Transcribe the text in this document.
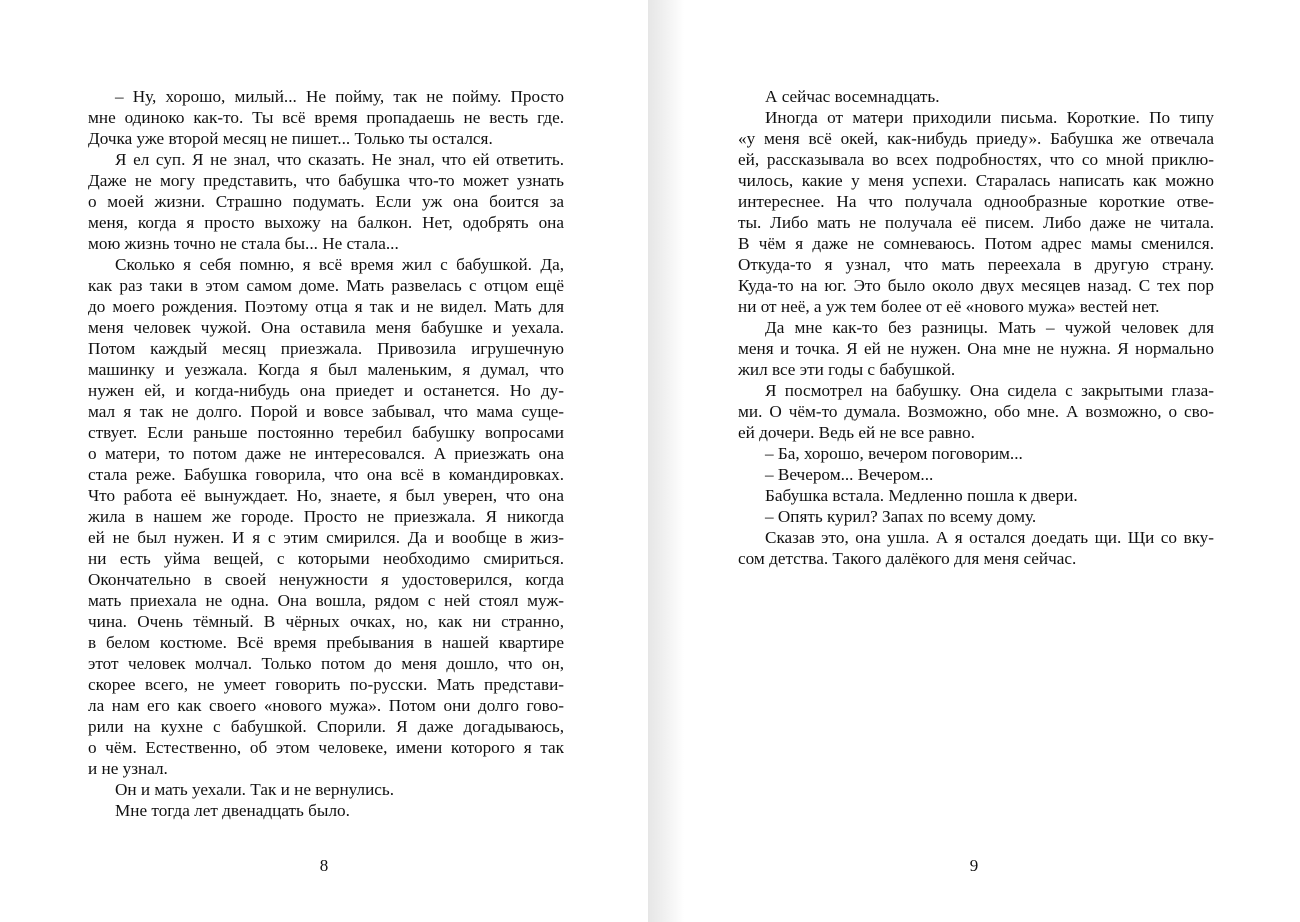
– Ну, хорошо, милый... Не пойму, так не пойму. Просто
мне одиноко как-то. Ты всё время пропадаешь не весть где.
Дочка уже второй месяц не пишет... Только ты остался.
Я ел суп. Я не знал, что сказать. Не знал, что ей ответить.
Даже не могу представить, что бабушка что-то может узнать
о моей жизни. Страшно подумать. Если уж она боится за
меня, когда я просто выхожу на балкон. Нет, одобрять она
мою жизнь точно не стала бы... Не стала...
Сколько я себя помню, я всё время жил с бабушкой. Да,
как раз таки в этом самом доме. Мать развелась с отцом ещё
до моего рождения. Поэтому отца я так и не видел. Мать для
меня человек чужой. Она оставила меня бабушке и уехала.
Потом каждый месяц приезжала. Привозила игрушечную
машинку и уезжала. Когда я был маленьким, я думал, что
нужен ей, и когда-нибудь она приедет и останется. Но ду-
мал я так не долго. Порой и вовсе забывал, что мама суще-
ствует. Если раньше постоянно теребил бабушку вопросами
о матери, то потом даже не интересовался. А приезжать она
стала реже. Бабушка говорила, что она всё в командировках.
Что работа её вынуждает. Но, знаете, я был уверен, что она
жила в нашем же городе. Просто не приезжала. Я никогда
ей не был нужен. И я с этим смирился. Да и вообще в жиз-
ни есть уйма вещей, с которыми необходимо смириться.
Окончательно в своей ненужности я удостоверился, когда
мать приехала не одна. Она вошла, рядом с ней стоял муж-
чина. Очень тёмный. В чёрных очках, но, как ни странно,
в белом костюме. Всё время пребывания в нашей квартире
этот человек молчал. Только потом до меня дошло, что он,
скорее всего, не умеет говорить по-русски. Мать представи-
ла нам его как своего «нового мужа». Потом они долго гово-
рили на кухне с бабушкой. Спорили. Я даже догадываюсь,
о чём. Естественно, об этом человеке, имени которого я так
и не узнал.
Он и мать уехали. Так и не вернулись.
Мне тогда лет двенадцать было.
8
А сейчас восемнадцать.
Иногда от матери приходили письма. Короткие. По типу
«у меня всё окей, как-нибудь приеду». Бабушка же отвечала
ей, рассказывала во всех подробностях, что со мной приклю-
чилось, какие у меня успехи. Старалась написать как можно
интереснее. На что получала однообразные короткие отве-
ты. Либо мать не получала её писем. Либо даже не читала.
В чём я даже не сомневаюсь. Потом адрес мамы сменился.
Откуда-то я узнал, что мать переехала в другую страну.
Куда-то на юг. Это было около двух месяцев назад. С тех пор
ни от неё, а уж тем более от её «нового мужа» вестей нет.
Да мне как-то без разницы. Мать – чужой человек для
меня и точка. Я ей не нужен. Она мне не нужна. Я нормально
жил все эти годы с бабушкой.
Я посмотрел на бабушку. Она сидела с закрытыми глаза-
ми. О чём-то думала. Возможно, обо мне. А возможно, о сво-
ей дочери. Ведь ей не все равно.
– Ба, хорошо, вечером поговорим...
– Вечером... Вечером...
Бабушка встала. Медленно пошла к двери.
– Опять курил? Запах по всему дому.
Сказав это, она ушла. А я остался доедать щи. Щи со вку-
сом детства. Такого далёкого для меня сейчас.
9
